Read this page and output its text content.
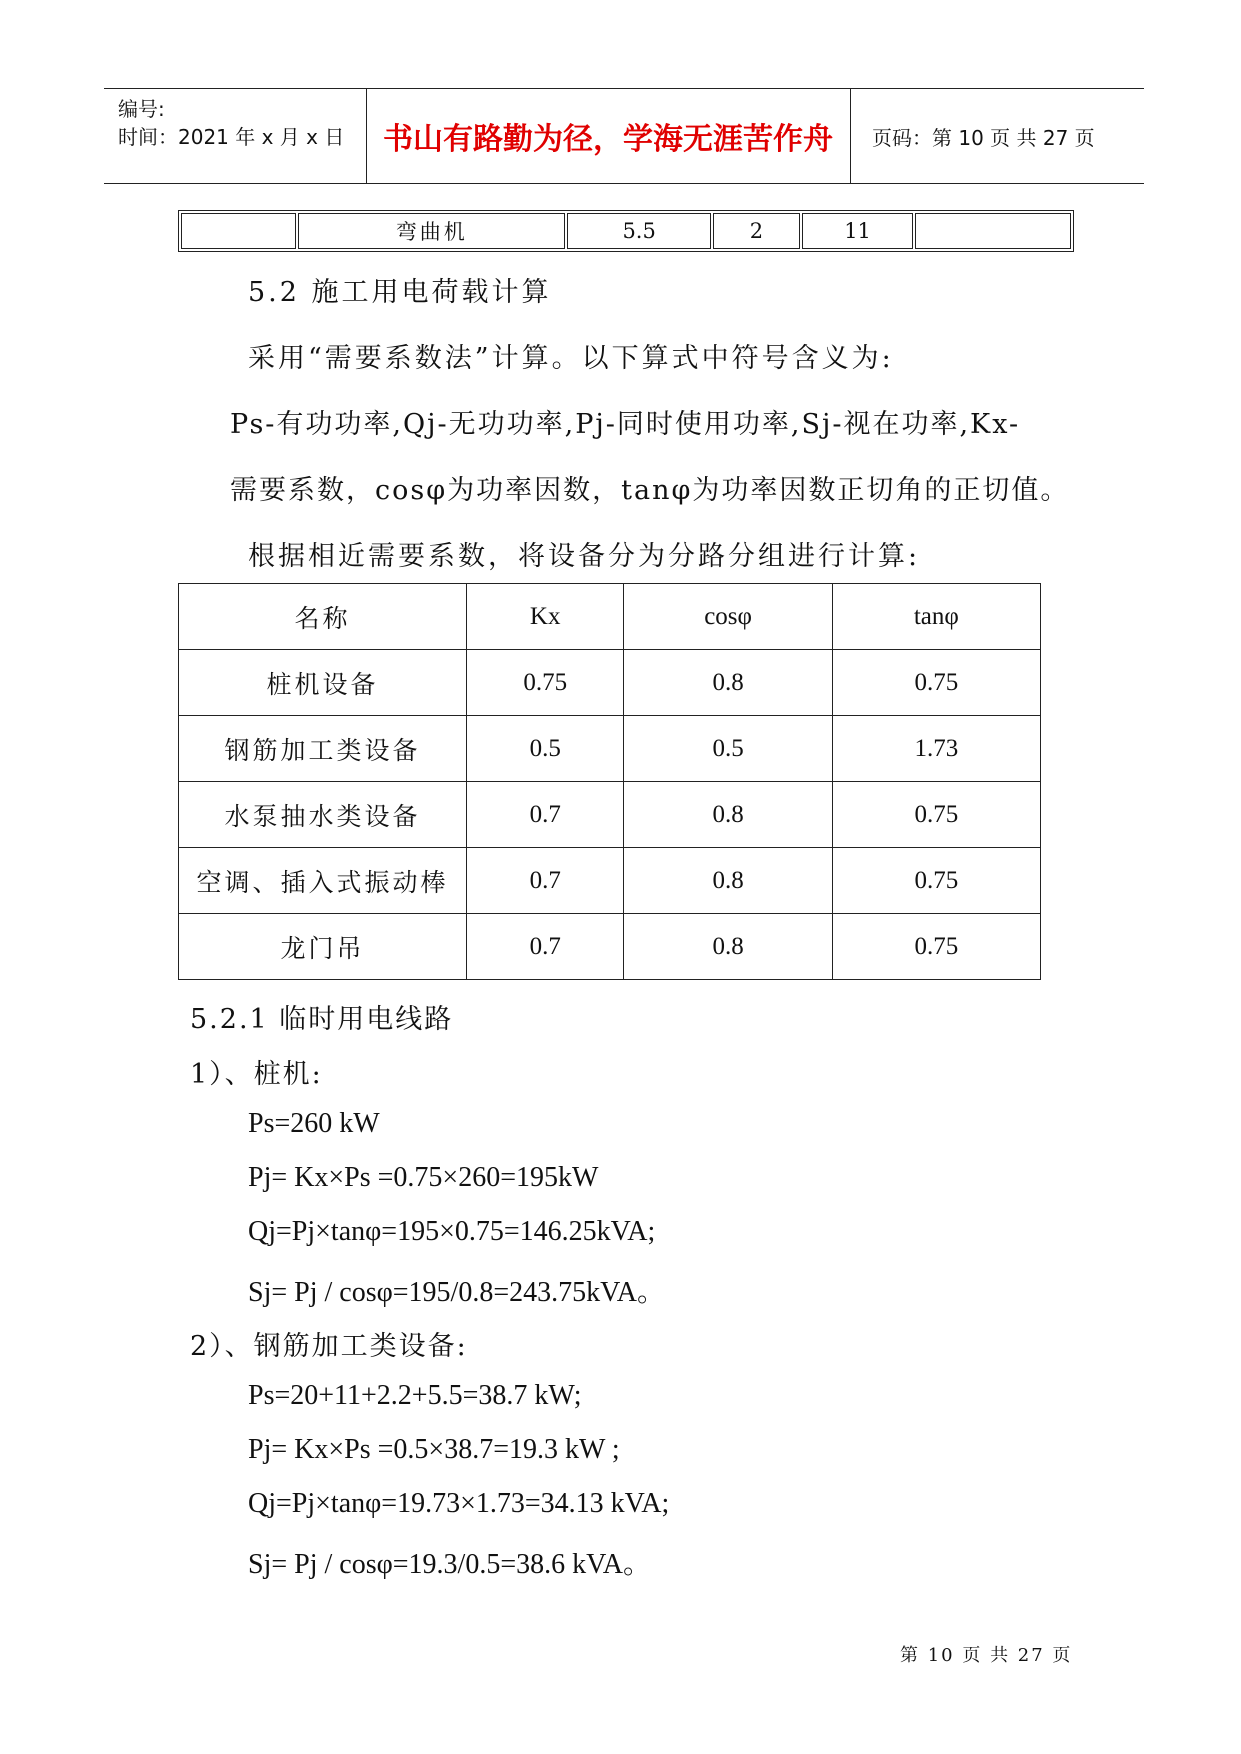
编号:
时间：2021 年 x 月 x 日	书山有路勤为径，学海无涯苦作舟	页码：第 10 页 共 27 页
	弯曲机	5.5	2	11	
5.2 施工用电荷载计算
采用“需要系数法”计算。以下算式中符号含义为:
Ps-有功功率,Qj-无功功率,Pj-同时使用功率,Sj-视在功率,Kx-
需要系数，cosφ为功率因数，tanφ为功率因数正切角的正切值。
根据相近需要系数，将设备分为分路分组进行计算:
名称	Kx	cosφ	tanφ
桩机设备	0.75	0.8	0.75
钢筋加工类设备	0.5	0.5	1.73
水泵抽水类设备	0.7	0.8	0.75
空调、插入式振动棒	0.7	0.8	0.75
龙门吊	0.7	0.8	0.75
5.2.1 临时用电线路
1）、桩机:
Ps=260 kW
Pj= Kx×Ps =0.75×260=195kW
Qj=Pj×tanφ=195×0.75=146.25kVA;
Sj= Pj / cosφ=195/0.8=243.75kVA。
2）、钢筋加工类设备:
Ps=20+11+2.2+5.5=38.7 kW;
Pj= Kx×Ps =0.5×38.7=19.3 kW ;
Qj=Pj×tanφ=19.73×1.73=34.13 kVA;
Sj= Pj / cosφ=19.3/0.5=38.6 kVA。
第 10 页 共 27 页
